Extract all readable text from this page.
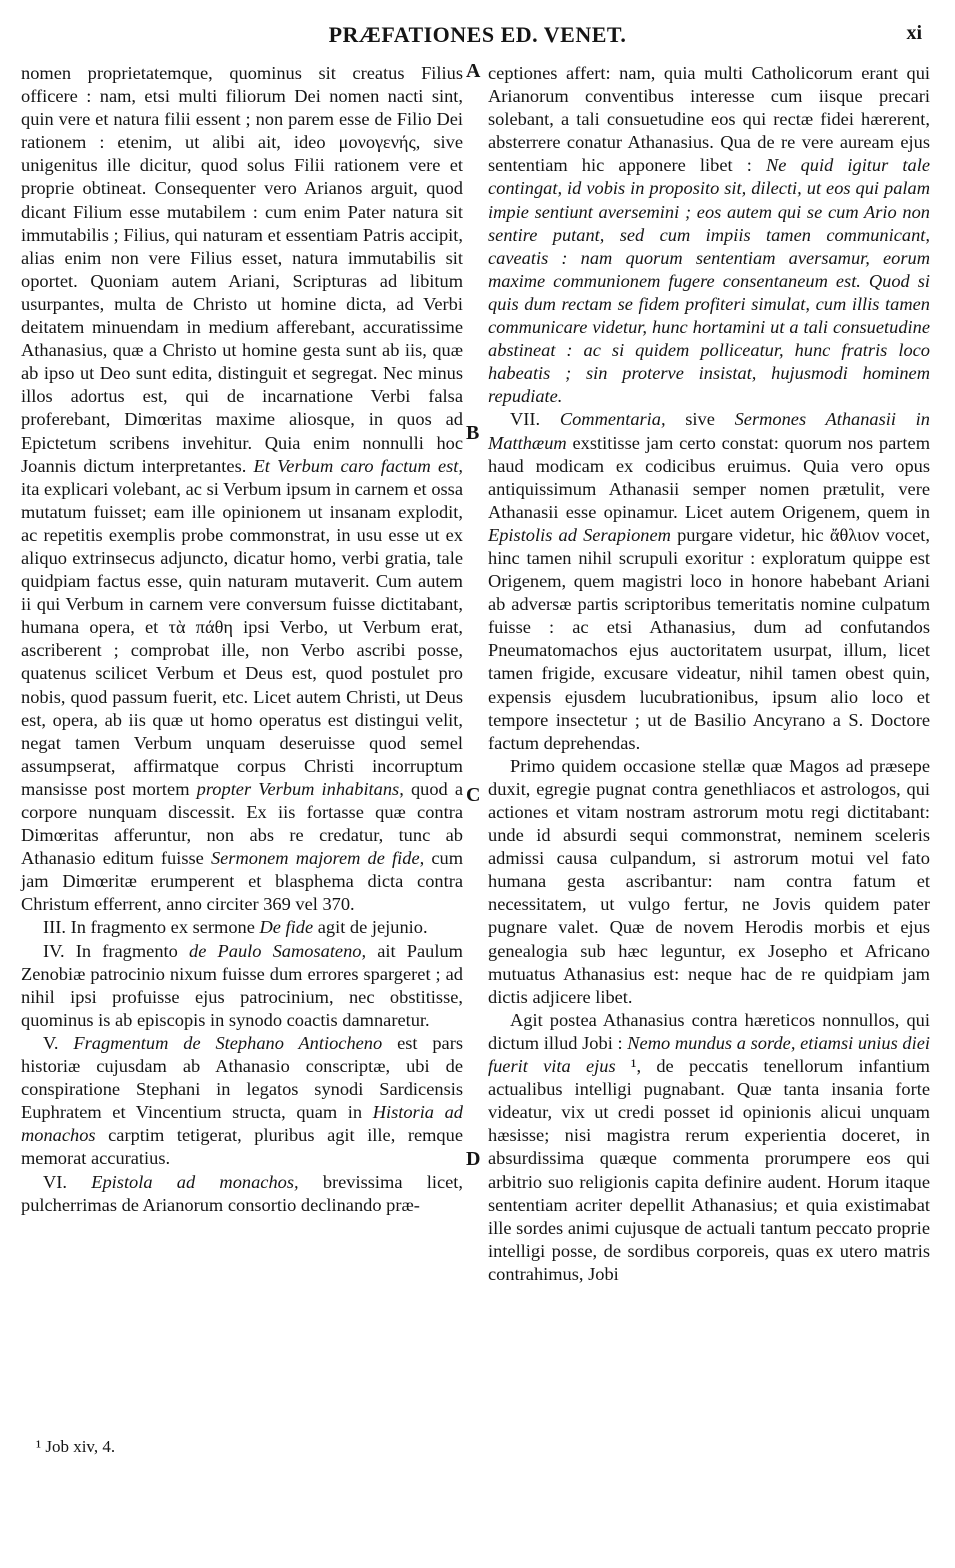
PRÆFATIONES ED. VENET.	xi

nomen proprietatemque, quominus sit creatus Filius officere : nam, etsi multi filiorum Dei nomen nacti sint, quin vere et natura filii essent ; non parem esse de Filio Dei rationem : etenim, ut alibi ait, ideo μονογενής, sive unigenitus ille dicitur, quod solus Filii rationem vere et proprie obtineat. Consequenter vero Arianos arguit, quod dicant Filium esse mutabilem : cum enim Pater natura sit immutabilis ; Filius, qui naturam et essentiam Patris accipit, alias enim non vere Filius esset, natura immutabilis sit oportet. Quoniam autem Ariani, Scripturas ad libitum usurpantes, multa de Christo ut homine dicta, ad Verbi deitatem minuendam in medium afferebant, accuratissime Athanasius, quæ a Christo ut homine gesta sunt ab iis, quæ ab ipso ut Deo sunt edita, distinguit et segregat. Nec minus illos adortus est, qui de incarnatione Verbi falsa proferebant, Dimœritas maxime aliosque, in quos ad Epictetum scribens invehitur. Quia enim nonnulli hoc Joannis dictum interpretantes. Et Verbum caro factum est, ita explicari volebant, ac si Verbum ipsum in carnem et ossa mutatum fuisset; eam ille opinionem ut insanam explodit, ac repetitis exemplis probe commonstrat, in usu esse ut ex aliquo extrinsecus adjuncto, dicatur homo, verbi gratia, tale quidpiam factus esse, quin naturam mutaverit. Cum autem ii qui Verbum in carnem vere conversum fuisse dictitabant, humana opera, et τὰ πάθη ipsi Verbo, ut Verbum erat, ascriberent ; comprobat ille, non Verbo ascribi posse, quatenus scilicet Verbum et Deus est, quod postulet pro nobis, quod passum fuerit, etc. Licet autem Christi, ut Deus est, opera, ab iis quæ ut homo operatus est distingui velit, negat tamen Verbum unquam deseruisse quod semel assumpserat, affirmatque corpus Christi incorruptum mansisse post mortem propter Verbum inhabitans, quod a corpore nunquam discessit. Ex iis fortasse quæ contra Dimœritas afferuntur, non abs re credatur, tunc ab Athanasio editum fuisse Sermonem majorem de fide, cum jam Dimœritæ erumperent et blasphema dicta contra Christum efferrent, anno circiter 369 vel 370.

III. In fragmento ex sermone De fide agit de jejunio.

IV. In fragmento de Paulo Samosateno, ait Paulum Zenobiæ patrocinio nixum fuisse dum errores spargeret ; ad nihil ipsi profuisse ejus patrocinium, nec obstitisse, quominus is ab episcopis in synodo coactis damnaretur.

V. Fragmentum de Stephano Antiocheno est pars historiæ cujusdam ab Athanasio conscriptæ, ubi de conspiratione Stephani in legatos synodi Sardicensis Euphratem et Vincentium structa, quam in Historia ad monachos carptim tetigerat, pluribus agit ille, remque memorat accuratius.

VI. Epistola ad monachos, brevissima licet, pulcherrimas de Arianorum consortio declinando præ-

A
B
C
D

ceptiones affert: nam, quia multi Catholicorum erant qui Arianorum conventibus interesse cum iisque precari solebant, a tali consuetudine eos qui rectæ fidei hærerent, absterrere conatur Athanasius. Qua de re vere auream ejus sententiam hic apponere libet : Ne quid igitur tale contingat, id vobis in proposito sit, dilecti, ut eos qui palam impie sentiunt aversemini ; eos autem qui se cum Ario non sentire putant, sed cum impiis tamen communicant, caveatis : nam quorum sententiam aversamur, eorum maxime communionem fugere consentaneum est. Quod si quis dum rectam se fidem profiteri simulat, cum illis tamen communicare videtur, hunc hortamini ut a tali consuetudine abstineat : ac si quidem polliceatur, hunc fratris loco habeatis ; sin proterve insistat, hujusmodi hominem repudiate.

VII. Commentaria, sive Sermones Athanasii in Matthæum exstitisse jam certo constat: quorum nos partem haud modicam ex codicibus eruimus. Quia vero opus antiquissimum Athanasii semper nomen prætulit, vere Athanasii esse opinamur. Licet autem Origenem, quem in Epistolis ad Serapionem purgare videtur, hic ἄθλιον vocet, hinc tamen nihil scrupuli exoritur : exploratum quippe est Origenem, quem magistri loco in honore habebant Ariani ab adversæ partis scriptoribus temeritatis nomine culpatum fuisse : ac etsi Athanasius, dum ad confutandos Pneumatomachos ejus auctoritatem usurpat, illum, licet tamen frigide, excusare videatur, nihil tamen obest quin, expensis ejusdem lucubrationibus, ipsum alio loco et tempore insectetur ; ut de Basilio Ancyrano a S. Doctore factum deprehendas.

Primo quidem occasione stellæ quæ Magos ad præsepe duxit, egregie pugnat contra genethliacos et astrologos, qui actiones et vitam nostram astrorum motu regi dictitabant: unde id absurdi sequi commonstrat, neminem sceleris admissi causa culpandum, si astrorum motui vel fato humana gesta ascribantur: nam contra fatum et necessitatem, ut vulgo fertur, ne Jovis quidem pater pugnare valet. Quæ de novem Herodis morbis et ejus genealogia sub hæc leguntur, ex Josepho et Africano mutuatus Athanasius est: neque hac de re quidpiam jam dictis adjicere libet.

Agit postea Athanasius contra hæreticos nonnullos, qui dictum illud Jobi : Nemo mundus a sorde, etiamsi unius diei fuerit vita ejus ¹, de peccatis tenellorum infantium actualibus intelligi pugnabant. Quæ tanta insania forte videatur, vix ut credi posset id opinionis alicui unquam hæsisse; nisi magistra rerum experientia doceret, in absurdissima quæque commenta prorumpere eos qui arbitrio suo religionis capita definire audent. Horum itaque sententiam acriter depellit Athanasius; et quia existimabat ille sordes animi cujusque de actuali tantum peccato proprie intelligi posse, de sordibus corporeis, quas ex utero matris contrahimus, Jobi

¹ Job xiv, 4.
